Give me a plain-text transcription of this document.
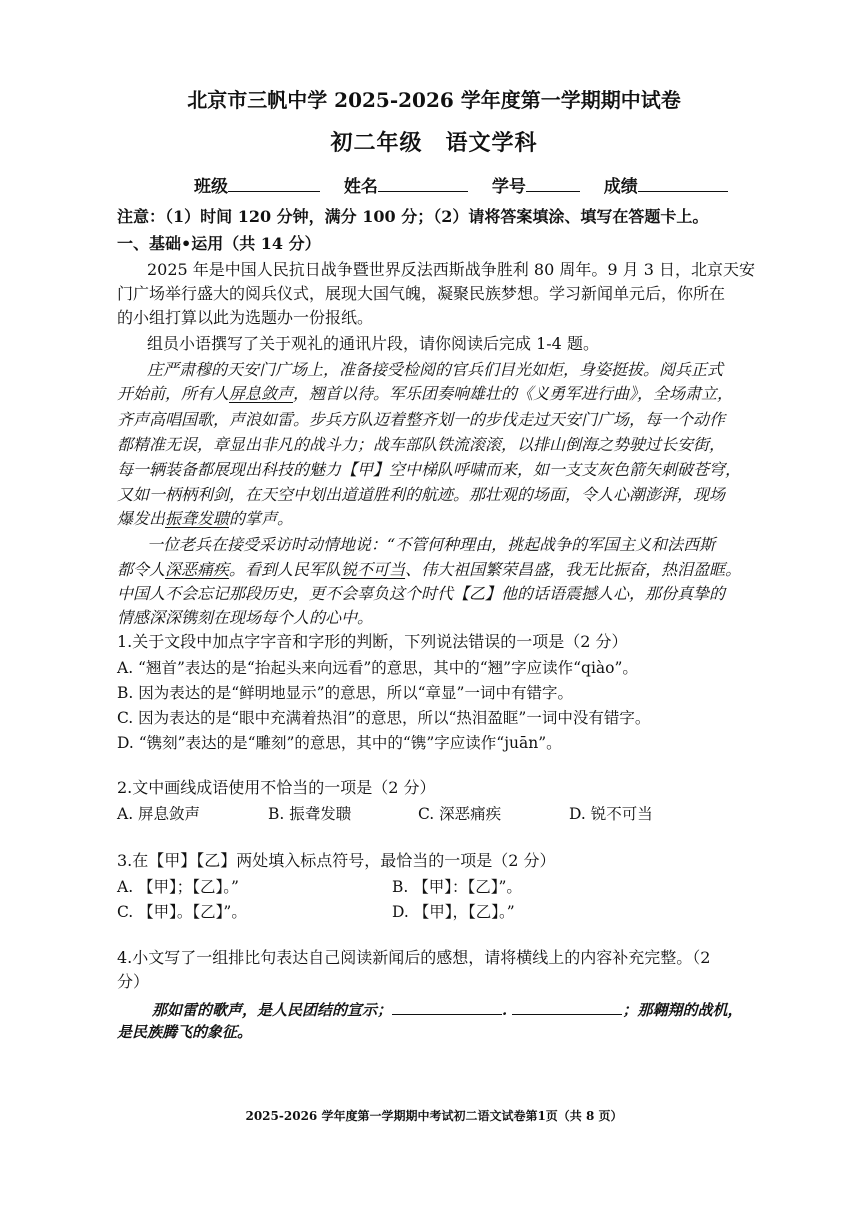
北京市三帆中学 2025-2026 学年度第一学期期中试卷
初二年级　语文学科
班级	姓名	学号	成绩
注意：（1）时间 120 分钟，满分 100 分；（2）请将答案填涂、填写在答题卡上。
一、基础•运用（共 14 分）
2025 年是中国人民抗日战争暨世界反法西斯战争胜利 80 周年。9 月 3 日，北京天安
门广场举行盛大的阅兵仪式，展现大国气魄，凝聚民族梦想。学习新闻单元后，你所在
的小组打算以此为选题办一份报纸。
组员小语撰写了关于观礼的通讯片段，请你阅读后完成 1-4 题。
庄严肃穆的天安门广场上，准备接受检阅的官兵们目光如炬，身姿挺拔。阅兵正式
开始前，所有人屏息敛声，翘首以待。军乐团奏响雄壮的《义勇军进行曲》，全场肃立，
齐声高唱国歌，声浪如雷。步兵方队迈着整齐划一的步伐走过天安门广场，每一个动作
都精准无误，章显出非凡的战斗力；战车部队铁流滚滚，以排山倒海之势驶过长安街，
每一辆装备都展现出科技的魅力【甲】空中梯队呼啸而来，如一支支灰色箭矢刺破苍穹，
又如一柄柄利剑，在天空中划出道道胜利的航迹。那壮观的场面，令人心潮澎湃，现场
爆发出振聋发聩的掌声。
一位老兵在接受采访时动情地说：“不管何种理由，挑起战争的军国主义和法西斯
都令人深恶痛疾。看到人民军队锐不可当、伟大祖国繁荣昌盛，我无比振奋，热泪盈眶。
中国人不会忘记那段历史，更不会辜负这个时代【乙】他的话语震撼人心，那份真挚的
情感深深镌刻在现场每个人的心中。
1.关于文段中加点字字音和字形的判断，下列说法错误的一项是（2 分）
A. “翘首”表达的是“抬起头来向远看”的意思，其中的“翘”字应读作“qiào”。
B. 因为表达的是“鲜明地显示”的意思，所以“章显”一词中有错字。
C. 因为表达的是“眼中充满着热泪”的意思，所以“热泪盈眶”一词中没有错字。
D. “镌刻”表达的是“雕刻”的意思，其中的“镌”字应读作“juān”。
2.文中画线成语使用不恰当的一项是（2 分）
A. 屏息敛声	B. 振聋发聩	C. 深恶痛疾	D. 锐不可当
3.在【甲】【乙】两处填入标点符号，最恰当的一项是（2 分）
A. 【甲】；【乙】。”	B. 【甲】：【乙】”。
C. 【甲】。【乙】”。	D. 【甲】，【乙】。”
4.小文写了一组排比句表达自己阅读新闻后的感想，请将横线上的内容补充完整。（2
分）
那如雷的歌声，是人民团结的宣示；	.	；那翱翔的战机，
是民族腾飞的象征。
2025-2026 学年度第一学期期中考试初二语文试卷第1页（共 8 页）
